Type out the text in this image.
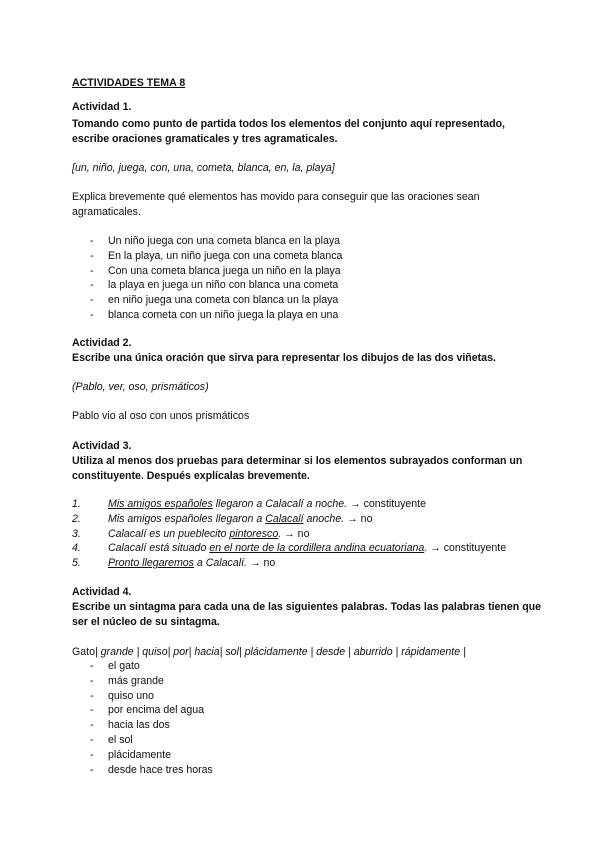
ACTIVIDADES TEMA 8
Actividad 1.
Tomando como punto de partida todos los elementos del conjunto aquí representado, escribe oraciones gramaticales y tres agramaticales.
[un, niño, juega, con, una, cometa, blanca, en, la, playa]
Explica brevemente qué elementos has movido para conseguir que las oraciones sean agramaticales.
- Un niño juega con una cometa blanca en la playa
- En la playa, un niño juega con una cometa blanca
- Con una cometa blanca juega un niño en la playa
- la playa en juega un niño con blanca una cometa
- en niño juega una cometa con blanca un la playa
- blanca cometa con un niño juega la playa en una
Actividad 2.
Escribe una única oración que sirva para representar los dibujos de las dos viñetas.
(Pablo, ver, oso, prismáticos)
Pablo vio al oso con unos prismáticos
Actividad 3.
Utiliza al menos dos pruebas para determinar si los elementos subrayados conforman un constituyente. Después explícalas brevemente.
1.	Mis amigos españoles llegaron a Calacalí a noche. → constituyente
2.	Mis amigos españoles llegaron a Calacalí anoche. → no
3.	Calacalí es un pueblecito pintoresco. → no
4.	Calacalí está situado en el norte de la cordillera andina ecuatoriana. → constituyente
5.	Pronto llegaremos a Calacalí. → no
Actividad 4.
Escribe un sintagma para cada una de las siguientes palabras. Todas las palabras tienen que ser el núcleo de su sintagma.
Gato| grande | quiso| por| hacia| sol| plácidamente | desde | aburrido | rápidamente |
- el gato
- más grande
- quiso uno
- por encima del agua
- hacia las dos
- el sol
- plácidamente
- desde hace tres horas
